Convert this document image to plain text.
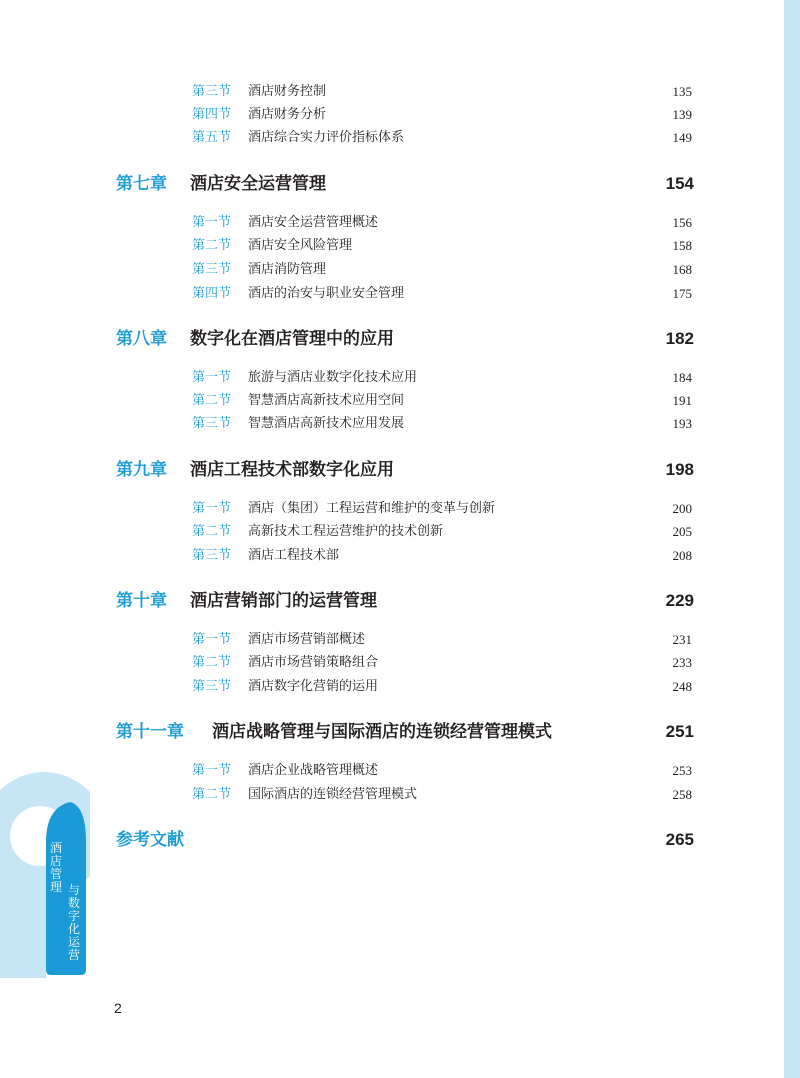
第三节 酒店财务控制	135
第四节 酒店财务分析	139
第五节 酒店综合实力评价指标体系	149
第七章 酒店安全运营管理	154
第一节 酒店安全运营管理概述	156
第二节 酒店安全风险管理	158
第三节 酒店消防管理	168
第四节 酒店的治安与职业安全管理	175
第八章 数字化在酒店管理中的应用	182
第一节 旅游与酒店业数字化技术应用	184
第二节 智慧酒店高新技术应用空间	191
第三节 智慧酒店高新技术应用发展	193
第九章 酒店工程技术部数字化应用	198
第一节 酒店（集团）工程运营和维护的变革与创新	200
第二节 高新技术工程运营维护的技术创新	205
第三节 酒店工程技术部	208
第十章 酒店营销部门的运营管理	229
第一节 酒店市场营销部概述	231
第二节 酒店市场营销策略组合	233
第三节 酒店数字化营销的运用	248
第十一章 酒店战略管理与国际酒店的连锁经营管理模式	251
第一节 酒店企业战略管理概述	253
第二节 国际酒店的连锁经营管理模式	258
参考文献	265
酒
店
管
理 与
数
字
化
运
营
2
